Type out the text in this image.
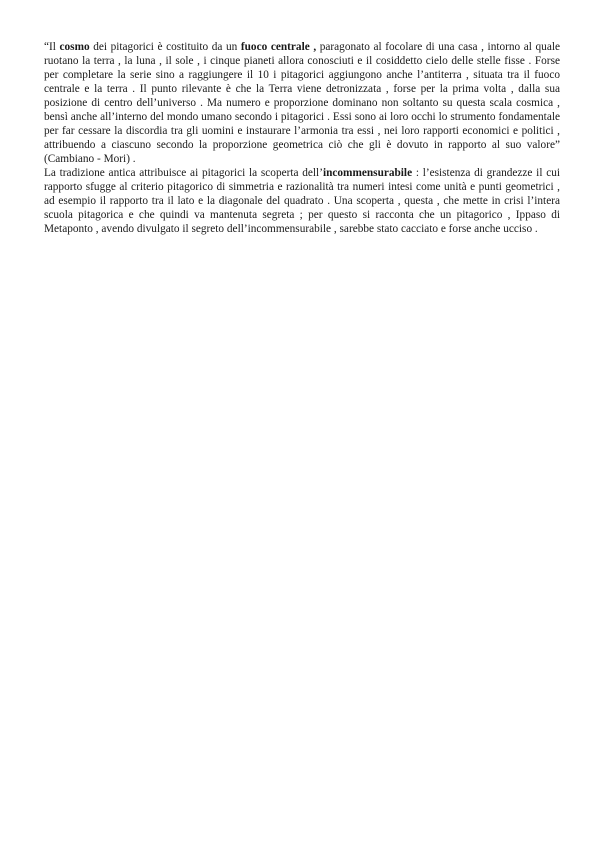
“Il cosmo dei pitagorici è costituito da un fuoco centrale , paragonato al focolare di una casa , intorno al quale ruotano la terra , la luna , il sole , i cinque pianeti allora conosciuti e il cosiddetto cielo delle stelle fisse . Forse per completare la serie sino a raggiungere il 10 i pitagorici aggiungono anche l’antiterra , situata tra il fuoco centrale e la terra . Il punto rilevante è che la Terra viene detronizzata , forse per la prima volta , dalla sua posizione di centro dell’universo . Ma numero e proporzione dominano non soltanto su questa scala cosmica , bensì anche all’interno del mondo umano secondo i pitagorici . Essi sono ai loro occhi lo strumento fondamentale per far cessare la discordia tra gli uomini e instaurare l’armonia tra essi , nei loro rapporti economici e politici , attribuendo a ciascuno secondo la proporzione geometrica ciò che gli è dovuto in rapporto al suo valore” (Cambiano - Mori) .

La tradizione antica attribuisce ai pitagorici la scoperta dell’incommensurabile : l’esistenza di grandezze il cui rapporto sfugge al criterio pitagorico di simmetria e razionalità tra numeri intesi come unità e punti geometrici , ad esempio il rapporto tra il lato e la diagonale del quadrato . Una scoperta , questa , che mette in crisi l’intera scuola pitagorica e che quindi va mantenuta segreta ; per questo si racconta che un pitagorico , Ippaso di Metaponto , avendo divulgato il segreto dell’incommensurabile , sarebbe stato cacciato e forse anche ucciso .
